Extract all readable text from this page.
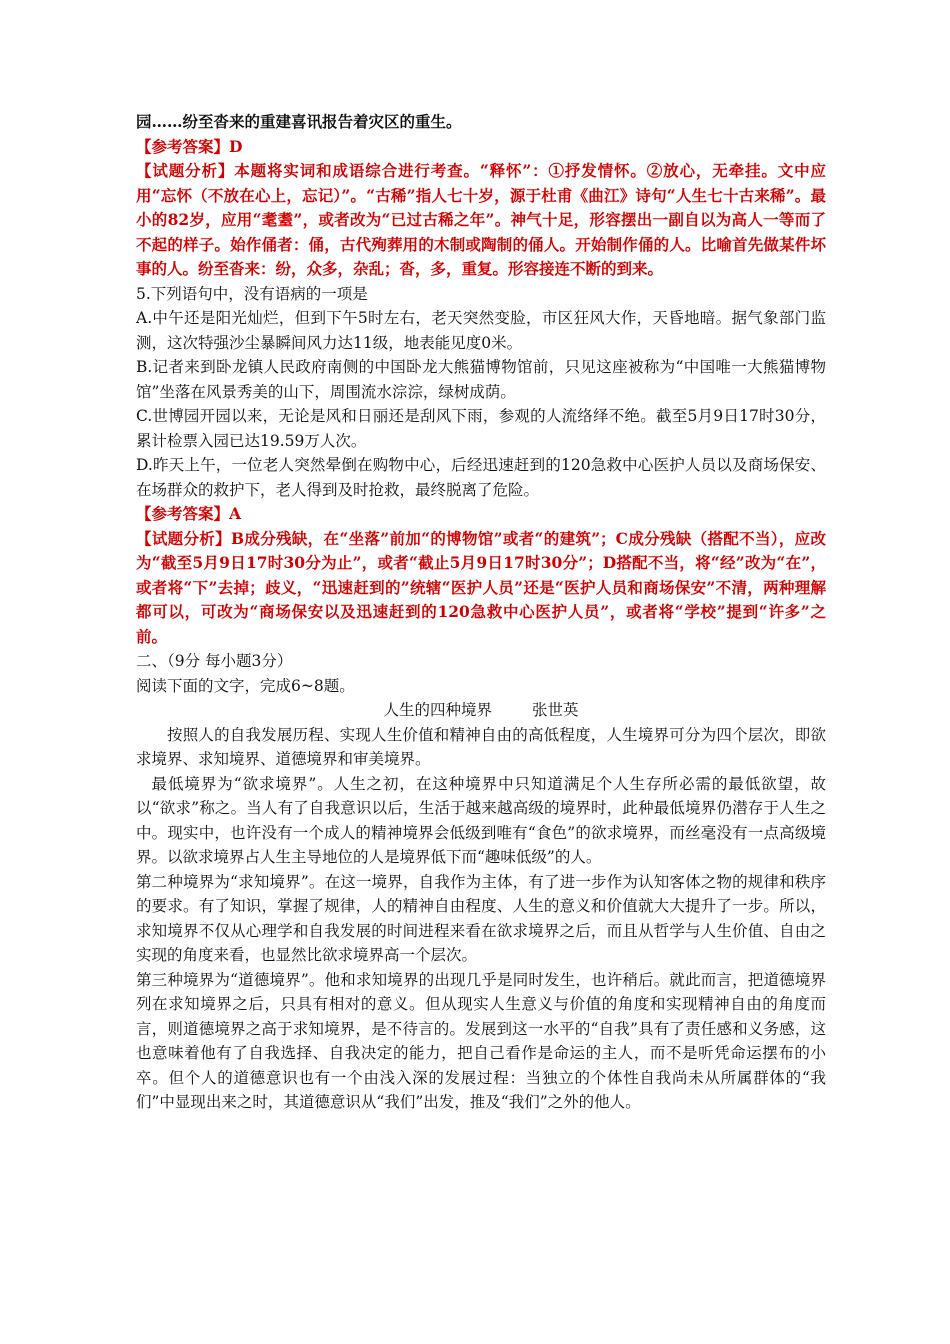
园……纷至沓来的重建喜讯报告着灾区的重生。

【参考答案】D

【试题分析】本题将实词和成语综合进行考查。“释怀”：①抒发情怀。②放心，无牵挂。文中应用“忘怀（不放在心上，忘记）”。“古稀”指人七十岁，源于杜甫《曲江》诗句“人生七十古来稀”。最小的82岁，应用“耄耋”，或者改为“已过古稀之年”。神气十足，形容摆出一副自以为高人一等而了不起的样子。始作俑者：俑，古代殉葬用的木制或陶制的俑人。开始制作俑的人。比喻首先做某件坏事的人。纷至沓来：纷，众多，杂乱；沓，多，重复。形容接连不断的到来。

5.下列语句中，没有语病的一项是

A.中午还是阳光灿烂，但到下午5时左右，老天突然变脸，市区狂风大作，天昏地暗。据气象部门监测，这次特强沙尘暴瞬间风力达11级，地表能见度0米。

B.记者来到卧龙镇人民政府南侧的中国卧龙大熊猫博物馆前，只见这座被称为“中国唯一大熊猫博物馆”坐落在风景秀美的山下，周围流水淙淙，绿树成荫。

C.世博园开园以来，无论是风和日丽还是刮风下雨，参观的人流络绎不绝。截至5月9日17时30分，累计检票入园已达19.59万人次。

D.昨天上午，一位老人突然晕倒在购物中心，后经迅速赶到的120急救中心医护人员以及商场保安、在场群众的救护下，老人得到及时抢救，最终脱离了危险。

【参考答案】A

【试题分析】B成分残缺，在“坐落”前加“的博物馆”或者“的建筑”；C成分残缺（搭配不当），应改为“截至5月9日17时30分为止”，或者“截止5月9日17时30分”；D搭配不当，将“经”改为“在”，或者将“下”去掉；歧义，“迅速赶到的”统辖“医护人员”还是“医护人员和商场保安”不清，两种理解都可以，可改为“商场保安以及迅速赶到的120急救中心医护人员”，或者将“学校”提到“许多”之前。

二、（9分 每小题3分）

阅读下面的文字，完成6~8题。

人生的四种境界	张世英

按照人的自我发展历程、实现人生价值和精神自由的高低程度，人生境界可分为四个层次，即欲求境界、求知境界、道德境界和审美境界。

最低境界为“欲求境界”。人生之初，在这种境界中只知道满足个人生存所必需的最低欲望，故以“欲求”称之。当人有了自我意识以后，生活于越来越高级的境界时，此种最低境界仍潜存于人生之中。现实中，也许没有一个成人的精神境界会低级到唯有“食色”的欲求境界，而丝毫没有一点高级境界。以欲求境界占人生主导地位的人是境界低下而“趣味低级”的人。

第二种境界为“求知境界”。在这一境界，自我作为主体，有了进一步作为认知客体之物的规律和秩序的要求。有了知识，掌握了规律，人的精神自由程度、人生的意义和价值就大大提升了一步。所以，求知境界不仅从心理学和自我发展的时间进程来看在欲求境界之后，而且从哲学与人生价值、自由之实现的角度来看，也显然比欲求境界高一个层次。

第三种境界为“道德境界”。他和求知境界的出现几乎是同时发生，也许稍后。就此而言，把道德境界列在求知境界之后，只具有相对的意义。但从现实人生意义与价值的角度和实现精神自由的角度而言，则道德境界之高于求知境界，是不待言的。发展到这一水平的“自我”具有了责任感和义务感，这也意味着他有了自我选择、自我决定的能力，把自己看作是命运的主人，而不是听凭命运摆布的小卒。但个人的道德意识也有一个由浅入深的发展过程：当独立的个体性自我尚未从所属群体的“我们”中显现出来之时，其道德意识从“我们”出发，推及“我们”之外的他人。
